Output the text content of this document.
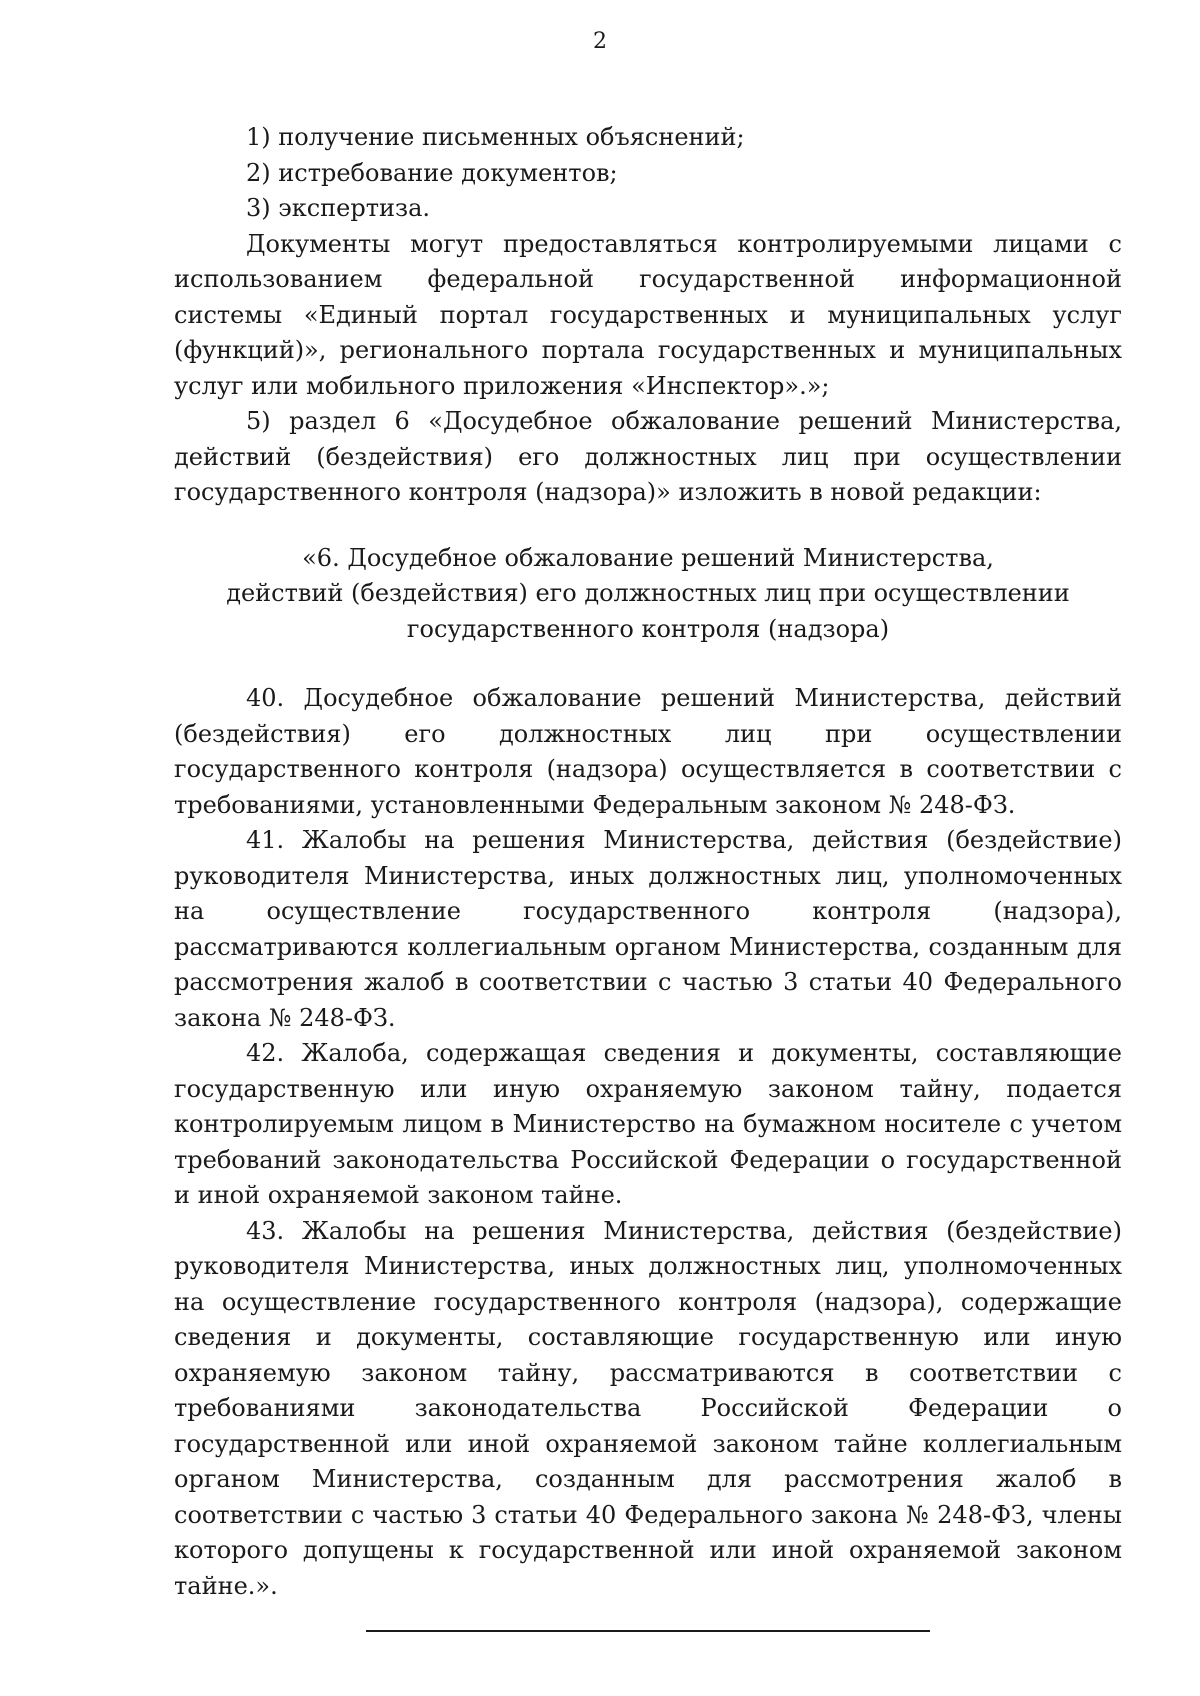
2

1) получение письменных объяснений;

2) истребование документов;

3) экспертиза.

Документы могут предоставляться контролируемыми лицами с использованием федеральной государственной информационной системы «Единый портал государственных и муниципальных услуг (функций)», регионального портала государственных и муниципальных услуг или мобильного приложения «Инспектор».»;

5) раздел 6 «Досудебное обжалование решений Министерства, действий (бездействия) его должностных лиц при осуществлении государственного контроля (надзора)» изложить в новой редакции:

«6. Досудебное обжалование решений Министерства,
действий (бездействия) его должностных лиц при осуществлении
государственного контроля (надзора)

40. Досудебное обжалование решений Министерства, действий (бездействия) его должностных лиц при осуществлении государственного контроля (надзора) осуществляется в соответствии с требованиями, установленными Федеральным законом № 248-ФЗ.

41. Жалобы на решения Министерства, действия (бездействие) руководителя Министерства, иных должностных лиц, уполномоченных на осуществление государственного контроля (надзора), рассматриваются коллегиальным органом Министерства, созданным для рассмотрения жалоб в соответствии с частью 3 статьи 40 Федерального закона № 248-ФЗ.

42. Жалоба, содержащая сведения и документы, составляющие государственную или иную охраняемую законом тайну, подается контролируемым лицом в Министерство на бумажном носителе с учетом требований законодательства Российской Федерации о государственной и иной охраняемой законом тайне.

43. Жалобы на решения Министерства, действия (бездействие) руководителя Министерства, иных должностных лиц, уполномоченных на осуществление государственного контроля (надзора), содержащие сведения и документы, составляющие государственную или иную охраняемую законом тайну, рассматриваются в соответствии с требованиями законодательства Российской Федерации о государственной или иной охраняемой законом тайне коллегиальным органом Министерства, созданным для рассмотрения жалоб в соответствии с частью 3 статьи 40 Федерального закона № 248-ФЗ, члены которого допущены к государственной или иной охраняемой законом тайне.».
